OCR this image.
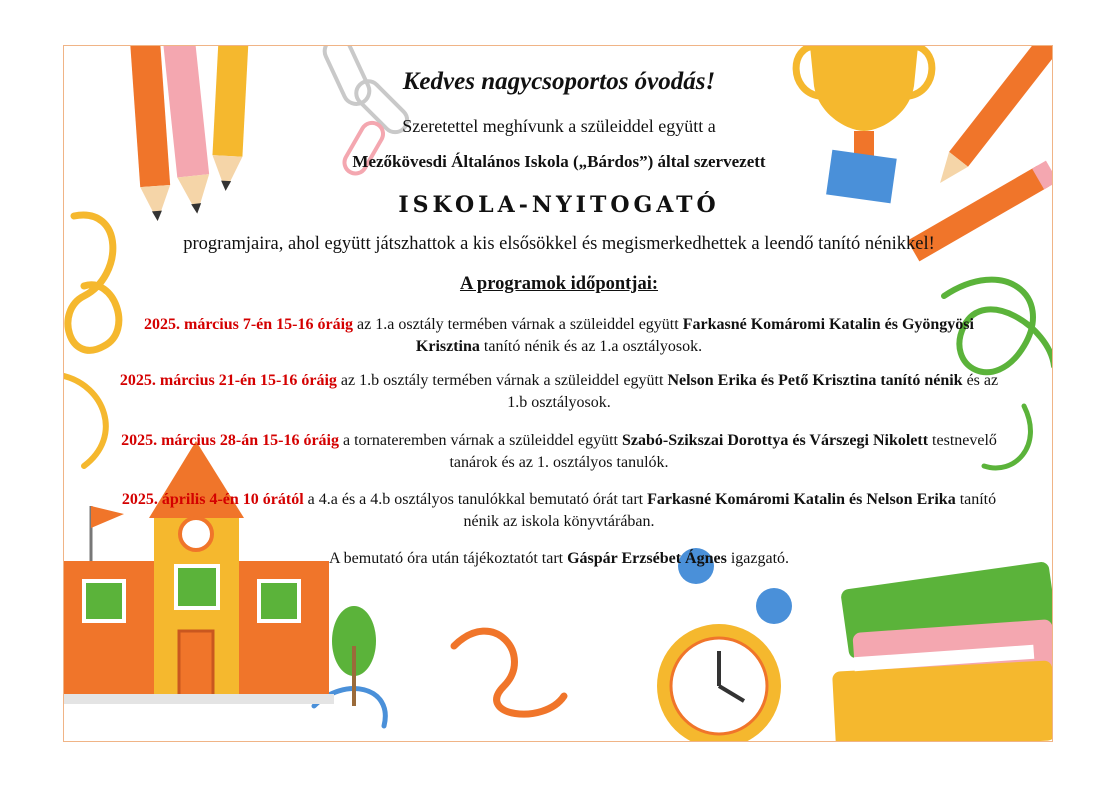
Kedves nagycsoportos óvodás!
Szeretettel meghívunk a szüleiddel együtt a
Mezőkövesdi Általános Iskola („Bárdos”) által szervezett
ISKOLA-NYITOGATÓ
programjaira, ahol együtt játszhattok a kis elsősökkel és megismerkedhettek a leendő tanító nénikkel!
A programok időpontjai:
2025. március 7-én 15-16 óráig az 1.a osztály termében várnak a szüleiddel együtt Farkasné Komáromi Katalin és Gyöngyösi Krisztina tanító nénik és az 1.a osztályosok.
2025. március 21-én 15-16 óráig az 1.b osztály termében várnak a szüleiddel együtt Nelson Erika és Pető Krisztina tanító nénik és az 1.b osztályosok.
2025. március 28-án 15-16 óráig a tornateremben várnak a szüleiddel együtt Szabó-Szikszai Dorottya és Várszegi Nikolett testnevelő tanárok és az 1. osztályos tanulók.
2025. április 4-én 10 órától a 4.a és a 4.b osztályos tanulókkal bemutató órát tart Farkasné Komáromi Katalin és Nelson Erika tanító nénik az iskola könyvtárában.
A bemutató óra után tájékoztatót tart Gáspár Erzsébet Ágnes igazgató.
